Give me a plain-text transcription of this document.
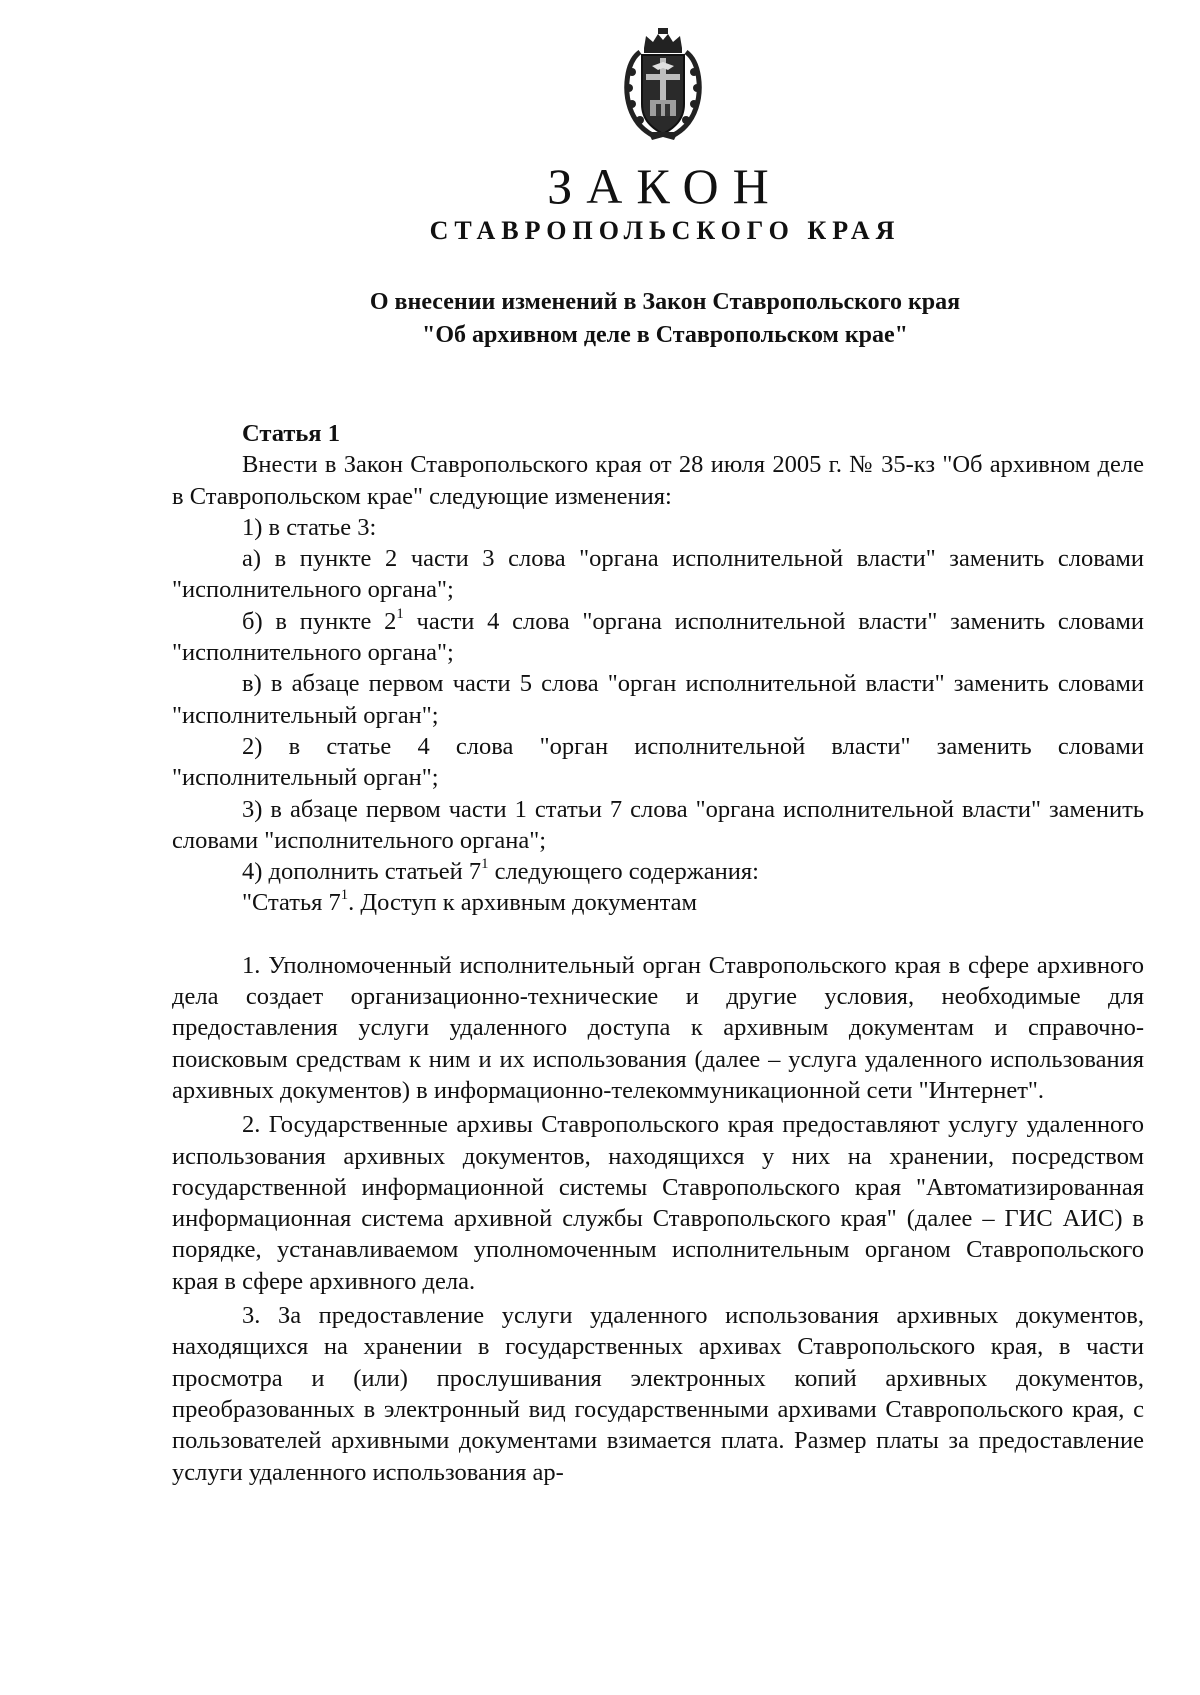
ЗАКОН
СТАВРОПОЛЬСКОГО КРАЯ
О внесении изменений в Закон Ставропольского края
"Об архивном деле в Ставропольском крае"

Статья 1

Внести в Закон Ставропольского края от 28 июля 2005 г. № 35-кз "Об архивном деле в Ставропольском крае" следующие изменения:

1) в статье 3:

а) в пункте 2 части 3 слова "органа исполнительной власти" заменить словами "исполнительного органа";

б) в пункте $2^1$ части 4 слова "органа исполнительной власти" заменить словами "исполнительного органа";

в) в абзаце первом части 5 слова "орган исполнительной власти" заменить словами "исполнительный орган";

2) в статье 4 слова "орган исполнительной власти" заменить словами "исполнительный орган";

3) в абзаце первом части 1 статьи 7 слова "органа исполнительной власти" заменить словами "исполнительного органа";

4) дополнить статьей $7^1$ следующего содержания:

"Статья $7^1$. Доступ к архивным документам

1. Уполномоченный исполнительный орган Ставропольского края в сфере архивного дела создает организационно-технические и другие условия, необходимые для предоставления услуги удаленного доступа к архивным документам и справочно-поисковым средствам к ним и их использования (далее – услуга удаленного использования архивных документов) в информационно-телекоммуникационной сети "Интернет".

2. Государственные архивы Ставропольского края предоставляют услугу удаленного использования архивных документов, находящихся у них на хранении, посредством государственной информационной системы Ставропольского края "Автоматизированная информационная система архивной службы Ставропольского края" (далее – ГИС АИС) в порядке, устанавливаемом уполномоченным исполнительным органом Ставропольского края в сфере архивного дела.

3. За предоставление услуги удаленного использования архивных документов, находящихся на хранении в государственных архивах Ставропольского края, в части просмотра и (или) прослушивания электронных копий архивных документов, преобразованных в электронный вид государственными архивами Ставропольского края, с пользователей архивными документами взимается плата. Размер платы за предоставление услуги удаленного использования ар-
